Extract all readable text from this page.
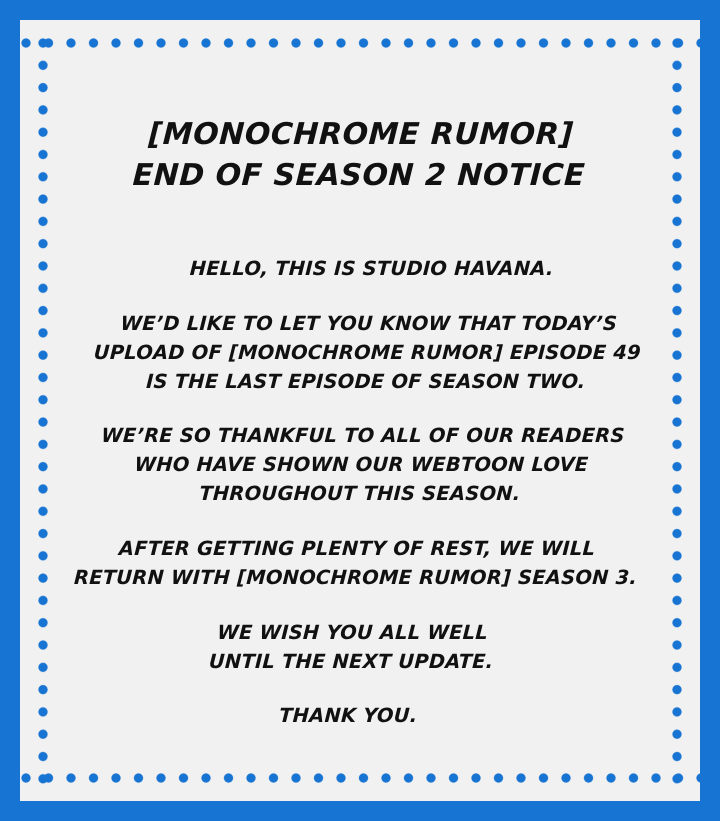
[MONOCHROME RUMOR]
END OF SEASON 2 NOTICE

HELLO, THIS IS STUDIO HAVANA.

WE’D LIKE TO LET YOU KNOW THAT TODAY’S
UPLOAD OF [MONOCHROME RUMOR] EPISODE 49
IS THE LAST EPISODE OF SEASON TWO.

WE’RE SO THANKFUL TO ALL OF OUR READERS
WHO HAVE SHOWN OUR WEBTOON LOVE
THROUGHOUT THIS SEASON.

AFTER GETTING PLENTY OF REST, WE WILL
RETURN WITH [MONOCHROME RUMOR] SEASON 3.

WE WISH YOU ALL WELL
UNTIL THE NEXT UPDATE.

THANK YOU.
